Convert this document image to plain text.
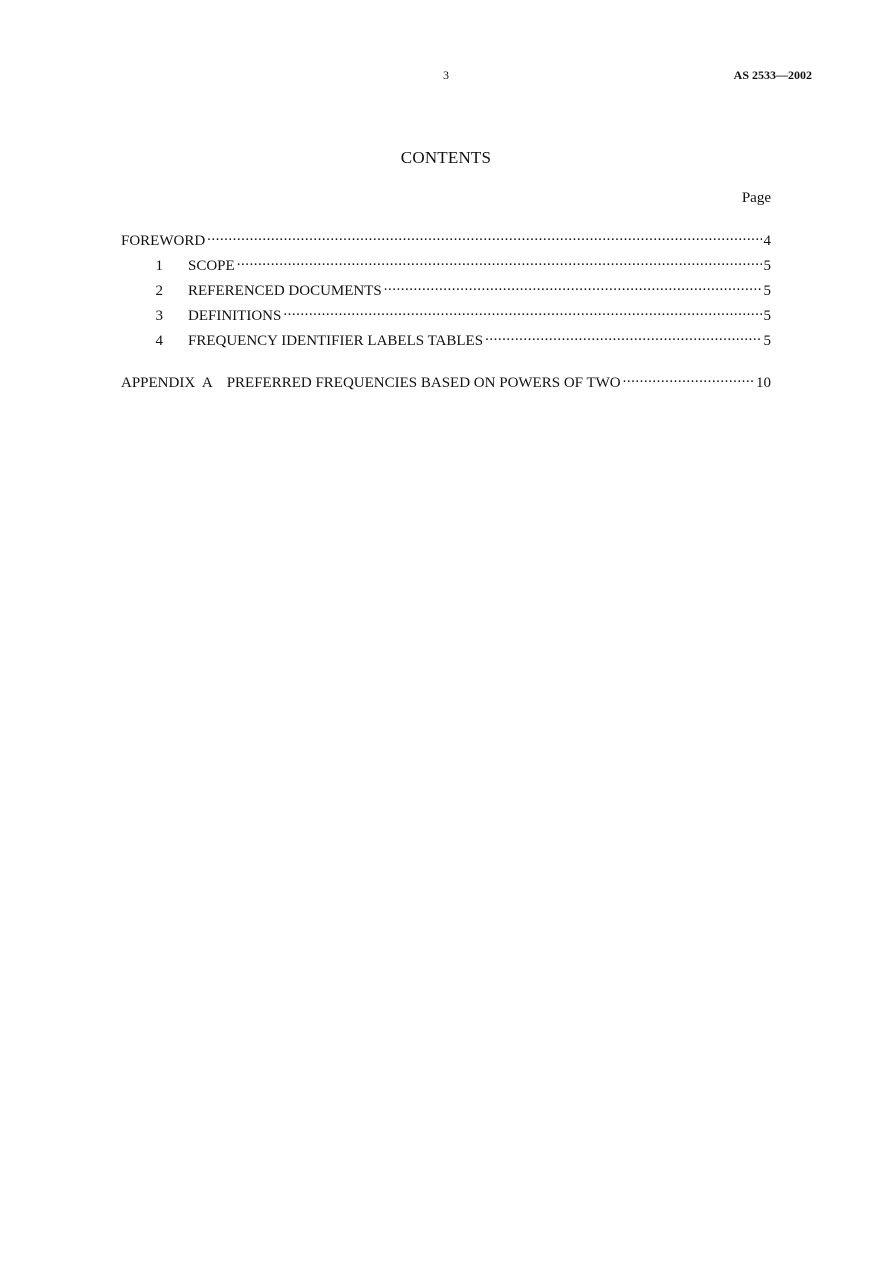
3	AS 2533—2002
CONTENTS
Page
FOREWORD .....	4
1	SCOPE .....	5
2	REFERENCED DOCUMENTS .....	5
3	DEFINITIONS .....	5
4	FREQUENCY IDENTIFIER LABELS TABLES .....	5
APPENDIX  A PREFERRED FREQUENCIES BASED ON POWERS OF TWO .....	10
